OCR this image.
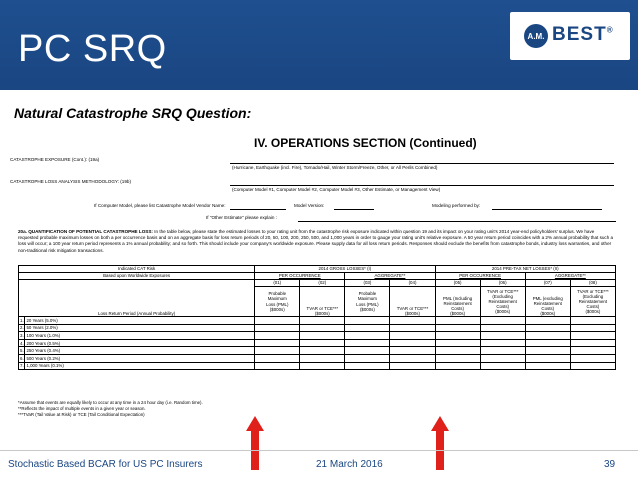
PC SRQ	A.M. BEST®
Natural Catastrophe SRQ Question:
IV. OPERATIONS SECTION (Continued)
CATASTROPHE EXPOSURE (Cont.): (19a)
(Hurricane, Earthquake (incl. Fire), Tornado/Hail, Winter Storm/Freeze, Other, or All Perils Combined)
CATASTROPHE LOSS ANALYSIS METHODOLOGY: (19b)
(Computer Model #1, Computer Model #2, Computer Model #3, Other Estimate, or Management View)
If Computer Model, please list Catastrophe Model Vendor Name:	Model Version:	Modeling performed by:
If "Other Estimate" please explain :
20a. QUANTIFICATION OF POTENTIAL CATASTROPHE LOSS: In the table below, please state the estimated losses to your rating unit from the catastrophe risk exposure indicated within question 19 and its impact on your rating unit's 2014 year-end policyholders' surplus. We have requested probable maximum losses on both a per occurrence basis and on an aggregate basis for loss return periods of 20, 50, 100, 200, 250, 500, and 1,000 years in order to gauge your rating unit's relative exposure. A 50 year return period coincides with a 2% annual probability that such a loss will occur; a 100 year return period represents a 1% annual probability; and so forth. This should include your company's worldwide exposure. Please supply data for all loss return periods. Responses should exclude the benefits from catastrophe bonds, industry loss warranties, and other non-traditional risk mitigation transactions.
Indicated CAT Risk		2014 GROSS LOSSES* (I)				2014 PRE-TAX NET LOSSES* (II)			
Based upon Worldwide Exposures		PER OCCURRENCE		AGGREGATE**		PER OCCURRENCE		AGGREGATE**	
Loss Return Period (Annual Probability)		(01)	(02)	(03)	(04)	(05)	(06)	(07)	(08)
		Probable
Maximum
Loss (PML)
($000s)	TVAR or TCE***
($000s)	Probable
Maximum
Loss (PML)
($000s)	TVAR or TCE***
($000s)	PML (Including
Reinstatement
Costs)
($000s)	TVAR or TCE***
(Excluding
Reinstatement
Costs)
($000s)	PML (excluding
Reinstatement
Costs)
($000s)	TVAR or TCE***
(Excluding
Reinstatement
Costs)
($000s)
1.	20 Years (5.0%)								
2.	50 Years (2.0%)								
3.	100 Years (1.0%)								
4.	200 Years (0.5%)								
5.	250 Years (0.4%)								
6.	500 Years (0.2%)								
7.	1,000 Years (0.1%)								
*Assume that events are equally likely to occur at any time in a 24 hour day (i.e. Random time).
**Reflects the impact of multiple events in a given year or season.
***TVaR (Tail Value at Risk) or TCE (Tail Conditional Expectation)
Stochastic Based BCAR for US PC Insurers	21 March 2016	39
